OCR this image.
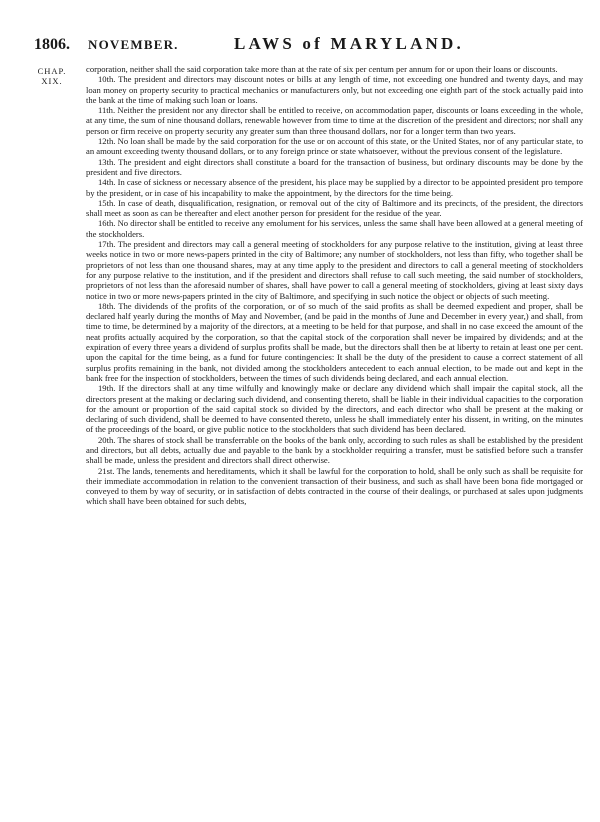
1806. NOVEMBER.	LAWS of MARYLAND.
CHAP.
XIX.

corporation, neither shall the said corporation take more than at the rate of six per centum per annum for or upon their loans or discounts.

10th. The president and directors may discount notes or bills at any length of time, not exceeding one hundred and twenty days, and may loan money on property security to practical mechanics or manufacturers only, but not exceeding one eighth part of the stock actually paid into the bank at the time of making such loan or loans.

11th. Neither the president nor any director shall be entitled to receive, on accommodation paper, discounts or loans exceeding in the whole, at any time, the sum of nine thousand dollars, renewable however from time to time at the discretion of the president and directors; nor shall any person or firm receive on property security any greater sum than three thousand dollars, nor for a longer term than two years.

12th. No loan shall be made by the said corporation for the use or on account of this state, or the United States, nor of any particular state, to an amount exceeding twenty thousand dollars, or to any foreign prince or state whatsoever, without the previous consent of the legislature.

13th. The president and eight directors shall constitute a board for the transaction of business, but ordinary discounts may be done by the president and five directors.

14th. In case of sickness or necessary absence of the president, his place may be supplied by a director to be appointed president pro tempore by the president, or in case of his incapability to make the appointment, by the directors for the time being.

15th. In case of death, disqualification, resignation, or removal out of the city of Baltimore and its precincts, of the president, the directors shall meet as soon as can be thereafter and elect another person for president for the residue of the year.

16th. No director shall be entitled to receive any emolument for his services, unless the same shall have been allowed at a general meeting of the stockholders.

17th. The president and directors may call a general meeting of stockholders for any purpose relative to the institution, giving at least three weeks notice in two or more news-papers printed in the city of Baltimore; any number of stockholders, not less than fifty, who together shall be proprietors of not less than one thousand shares, may at any time apply to the president and directors to call a general meeting of stockholders for any purpose relative to the institution, and if the president and directors shall refuse to call such meeting, the said number of stockholders, proprietors of not less than the aforesaid number of shares, shall have power to call a general meeting of stockholders, giving at least sixty days notice in two or more news-papers printed in the city of Baltimore, and specifying in such notice the object or objects of such meeting.

18th. The dividends of the profits of the corporation, or of so much of the said profits as shall be deemed expedient and proper, shall be declared half yearly during the months of May and November, (and be paid in the months of June and December in every year,) and shall, from time to time, be determined by a majority of the directors, at a meeting to be held for that purpose, and shall in no case exceed the amount of the neat profits actually acquired by the corporation, so that the capital stock of the corporation shall never be impaired by dividends; and at the expiration of every three years a dividend of surplus profits shall be made, but the directors shall then be at liberty to retain at least one per cent. upon the capital for the time being, as a fund for future contingencies: It shall be the duty of the president to cause a correct statement of all surplus profits remaining in the bank, not divided among the stockholders antecedent to each annual election, to be made out and kept in the bank free for the inspection of stockholders, between the times of such dividends being declared, and each annual election.

19th. If the directors shall at any time wilfully and knowingly make or declare any dividend which shall impair the capital stock, all the directors present at the making or declaring such dividend, and consenting thereto, shall be liable in their individual capacities to the corporation for the amount or proportion of the said capital stock so divided by the directors, and each director who shall be present at the making or declaring of such dividend, shall be deemed to have consented thereto, unless he shall immediately enter his dissent, in writing, on the minutes of the proceedings of the board, or give public notice to the stockholders that such dividend has been declared.

20th. The shares of stock shall be transferrable on the books of the bank only, according to such rules as shall be established by the president and directors, but all debts, actually due and payable to the bank by a stockholder requiring a transfer, must be satisfied before such a transfer shall be made, unless the president and directors shall direct otherwise.

21st. The lands, tenements and hereditaments, which it shall be lawful for the corporation to hold, shall be only such as shall be requisite for their immediate accommodation in relation to the convenient transaction of their business, and such as shall have been bona fide mortgaged or conveyed to them by way of security, or in satisfaction of debts contracted in the course of their dealings, or purchased at sales upon judgments which shall have been obtained for such debts,
